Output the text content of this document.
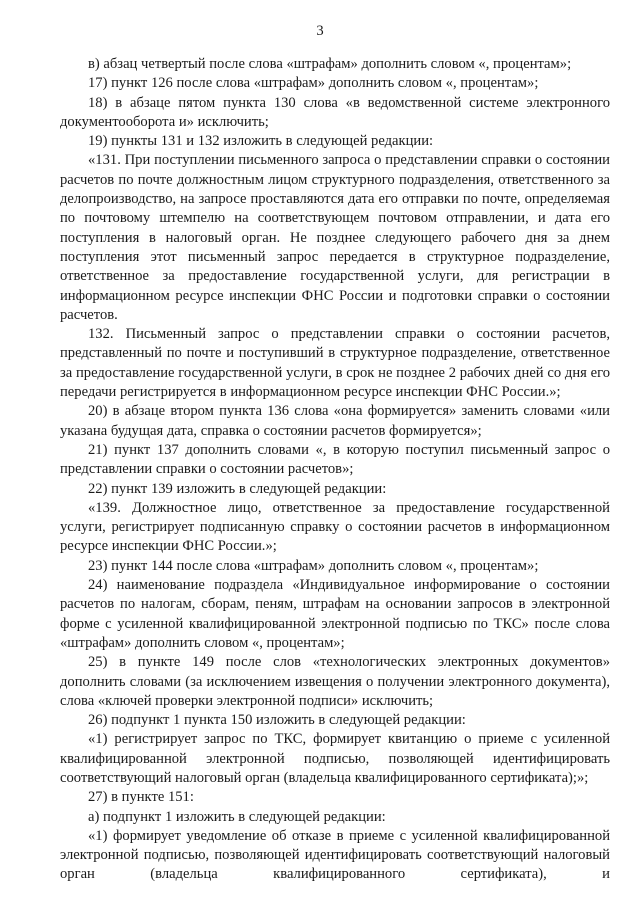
3

в) абзац четвертый после слова «штрафам» дополнить словом «, процентам»;

17) пункт 126 после слова «штрафам» дополнить словом «, процентам»;

18) в абзаце пятом пункта 130 слова «в ведомственной системе электронного документооборота и» исключить;

19) пункты 131 и 132 изложить в следующей редакции:

«131. При поступлении письменного запроса о представлении справки о состоянии расчетов по почте должностным лицом структурного подразделения, ответственного за делопроизводство, на запросе проставляются дата его отправки по почте, определяемая по почтовому штемпелю на соответствующем почтовом отправлении, и дата его поступления в налоговый орган. Не позднее следующего рабочего дня за днем поступления этот письменный запрос передается в структурное подразделение, ответственное за предоставление государственной услуги, для регистрации в информационном ресурсе инспекции ФНС России и подготовки справки о состоянии расчетов.

132. Письменный запрос о представлении справки о состоянии расчетов, представленный по почте и поступивший в структурное подразделение, ответственное за предоставление государственной услуги, в срок не позднее 2 рабочих дней со дня его передачи регистрируется в информационном ресурсе инспекции ФНС России.»;

20) в абзаце втором пункта 136 слова «она формируется» заменить словами «или указана будущая дата, справка о состоянии расчетов формируется»;

21) пункт 137 дополнить словами «, в которую поступил письменный запрос о представлении справки о состоянии расчетов»;

22) пункт 139 изложить в следующей редакции:

«139. Должностное лицо, ответственное за предоставление государственной услуги, регистрирует подписанную справку о состоянии расчетов в информационном ресурсе инспекции ФНС России.»;

23) пункт 144 после слова «штрафам» дополнить словом «, процентам»;

24) наименование подраздела «Индивидуальное информирование о состоянии расчетов по налогам, сборам, пеням, штрафам на основании запросов в электронной форме с усиленной квалифицированной электронной подписью по ТКС» после слова «штрафам» дополнить словом «, процентам»;

25) в пункте 149 после слов «технологических электронных документов» дополнить словами (за исключением извещения о получении электронного документа), слова «ключей проверки электронной подписи» исключить;

26) подпункт 1 пункта 150 изложить в следующей редакции:

«1) регистрирует запрос по ТКС, формирует квитанцию о приеме с усиленной квалифицированной электронной подписью, позволяющей идентифицировать соответствующий налоговый орган (владельца квалифицированного сертификата);»;

27) в пункте 151:

а) подпункт 1 изложить в следующей редакции:

«1) формирует уведомление об отказе в приеме с усиленной квалифицированной электронной подписью, позволяющей идентифицировать соответствующий налоговый орган (владельца квалифицированного сертификата), и
